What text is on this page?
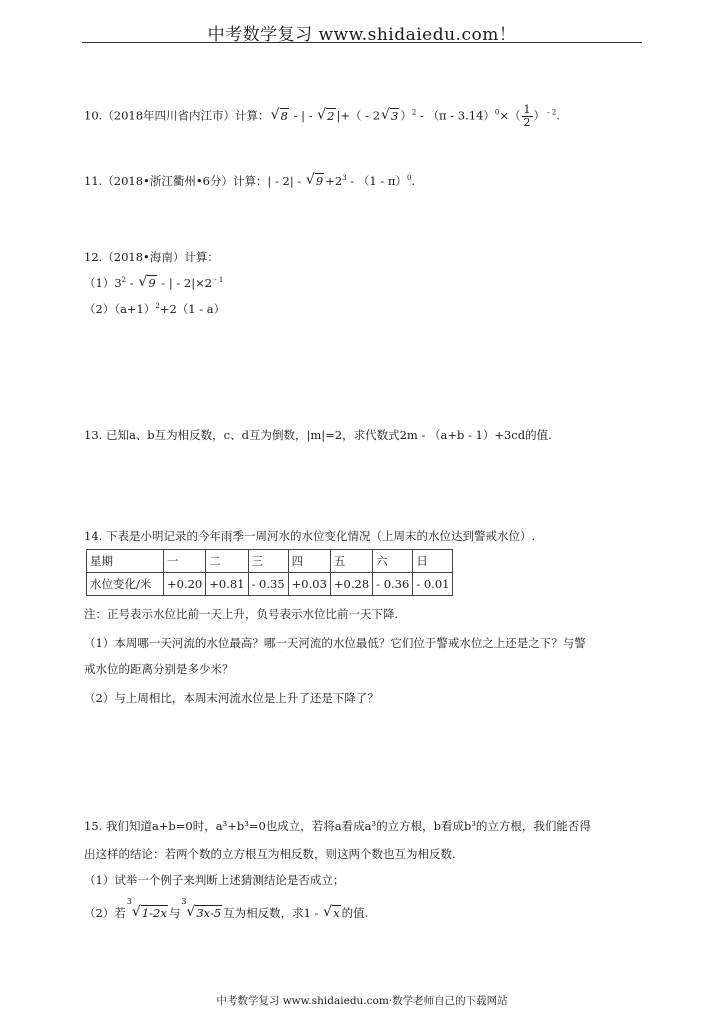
中考数学复习 www.shidaiedu.com！
10.（2018年四川省内江市）计算： √ 8 - | - √ 2 |+（ - 2 √ 3 ）$^2 - (\pi - 3.14)^0\times( \frac{1}{2}$ ） $^{- 2}$.
11.（2018•浙江衢州•6分）计算：| - 2| - √ $9 +2^3 - (1 - \pi)^0$.
12.（2018•海南）计算：
$(1)3^2$ - √ 9 - | - 2|×2 $^{- 1}$
$(2)(a+1)^2+2(1 - a)$
13. 已知a、b互为相反数，c、d互为倒数，|m|=2，求代数式2m - （a+b - 1）+3cd的值.
14. 下表是小明记录的今年雨季一周河水的水位变化情况（上周末的水位达到警戒水位）.
星期	一	二	三	四	五	六	日
水位变化/米	+0.20	+0.81	- 0.35	+0.03	+0.28	- 0.36	- 0.01
注：正号表示水位比前一天上升，负号表示水位比前一天下降.
（1）本周哪一天河流的水位最高？哪一天河流的水位最低？它们位于警戒水位之上还是之下？与警
戒水位的距离分别是多少米？
（2）与上周相比，本周末河流水位是上升了还是下降了？
15. 我们知道a+b=0时，a³+b³=0也成立，若将a看成a³的立方根，b看成b³的立方根，我们能否得
出这样的结论：若两个数的立方根互为相反数，则这两个数也互为相反数.
（1）试举一个例子来判断上述猜测结论是否成立；
（2）若
√ 3
1-2x 与
√ 3
3x-5 互为相反数，求1 - √ x 的值.
中考数学复习 www.shidaiedu.com·数学老师自己的下载网站
